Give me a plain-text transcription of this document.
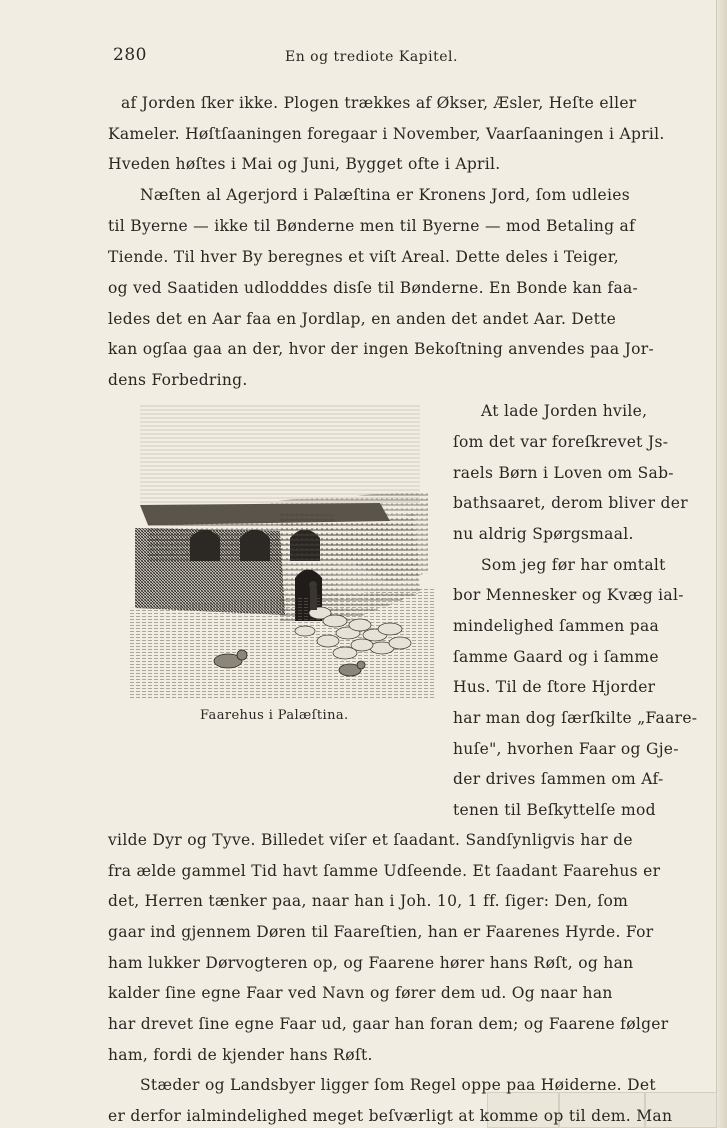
280	En og trediote Kapitel.
af Jorden ſker ikke. Plogen trækkes af Økser, Æsler, Heſte eller
Kameler. Høſtſaaningen foregaar i November, Vaarſaaningen i April.
Hveden høſtes i Mai og Juni, Bygget ofte i April.
Næſten al Agerjord i Palæſtina er Kronens Jord, ſom udleies
til Byerne — ikke til Bønderne men til Byerne — mod Betaling af
Tiende. Til hver By beregnes et viſt Areal. Dette deles i Teiger,
og ved Saatiden udlodddes disſe til Bønderne. En Bonde kan faa-
ledes det en Aar faa en Jordlap, en anden det andet Aar. Dette
kan ogſaa gaa an der, hvor der ingen Bekoſtning anvendes paa Jor-
dens Forbedring.
At lade Jorden hvile,
ſom det var foreſkrevet Js-
raels Børn i Loven om Sab-
bathsaaret, derom bliver der
nu aldrig Spørgsmaal.
Som jeg før har omtalt
bor Mennesker og Kvæg ial-
mindelighed ſammen paa
ſamme Gaard og i ſamme
Hus. Til de ſtore Hjorder
har man dog ſærſkilte „Faare-
huſe", hvorhen Faar og Gje-
der drives ſammen om Af-
tenen til Beſkyttelſe mod
vilde Dyr og Tyve. Billedet viſer et ſaadant. Sandſynligvis har de
fra ælde gammel Tid havt ſamme Udſeende. Et ſaadant Faarehus er
det, Herren tænker paa, naar han i Joh. 10, 1 ff. ſiger: Den, ſom
gaar ind gjennem Døren til Faareſtien, han er Faarenes Hyrde. For
ham lukker Dørvogteren op, og Faarene hører hans Røſt, og han
kalder ſine egne Faar ved Navn og fører dem ud. Og naar han
har drevet ſine egne Faar ud, gaar han foran dem; og Faarene følger
ham, fordi de kjender hans Røſt.
Stæder og Landsbyer ligger ſom Regel oppe paa Høiderne. Det
er derfor ialmindelighed meget beſværligt at komme op til dem. Man
Faarehus i Palæſtina.
